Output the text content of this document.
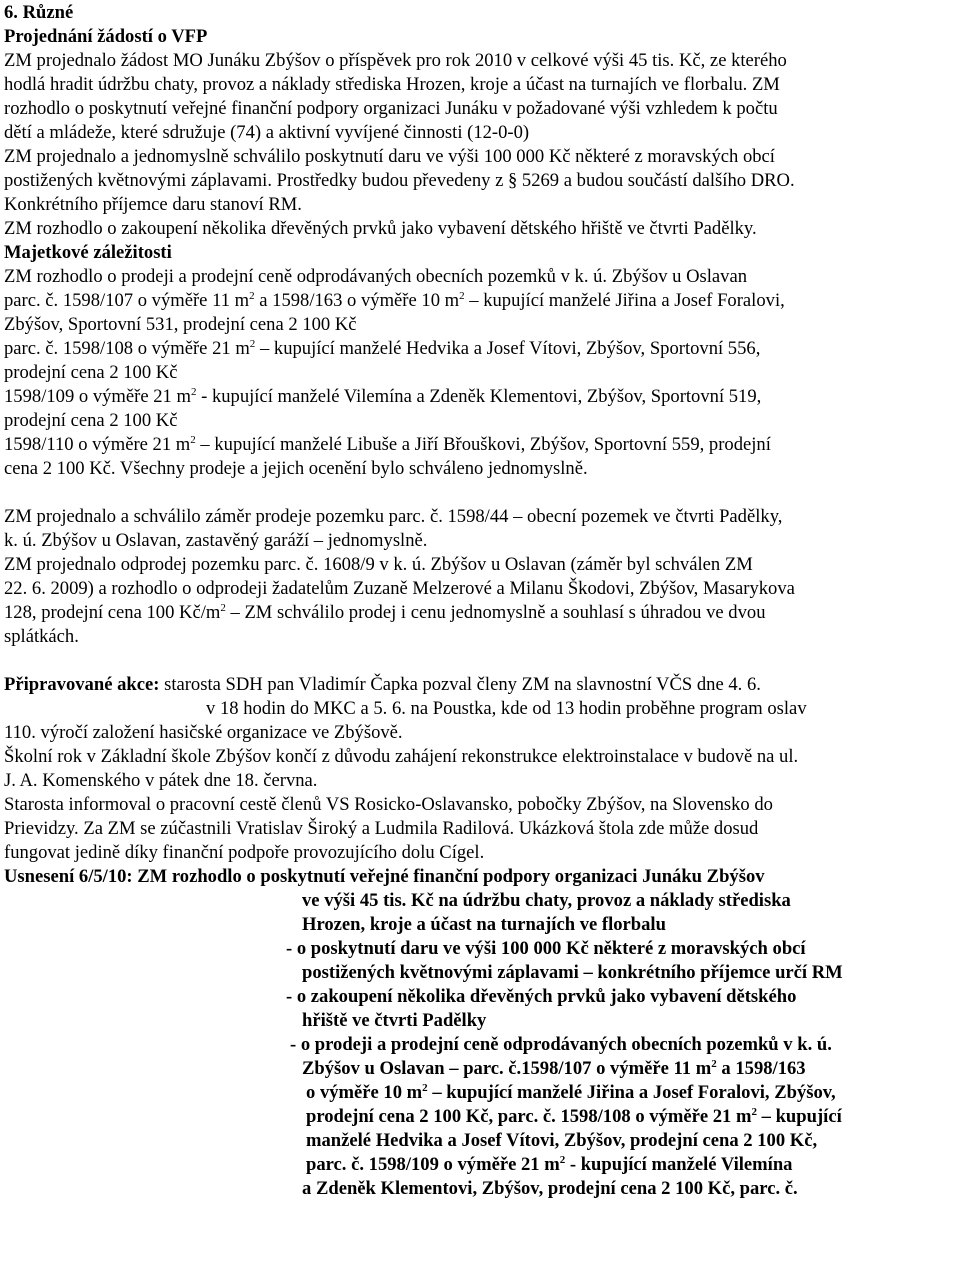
6. Různé
Projednání žádostí o VFP
ZM projednalo žádost MO Junáku Zbýšov o příspěvek pro rok 2010 v celkové výši 45 tis. Kč, ze kterého
hodlá hradit údržbu chaty, provoz a náklady střediska Hrozen, kroje a účast na turnajích ve florbalu. ZM
rozhodlo o poskytnutí veřejné finanční podpory organizaci Junáku v požadované výši vzhledem k počtu
dětí a mládeže, které sdružuje (74) a aktivní vyvíjené činnosti (12-0-0)
ZM projednalo a jednomyslně schválilo poskytnutí daru ve výši 100 000 Kč některé z moravských obcí
postižených květnovými záplavami. Prostředky budou převedeny z § 5269 a budou součástí dalšího DRO.
Konkrétního příjemce daru stanoví RM.
ZM rozhodlo o zakoupení několika dřevěných prvků jako vybavení dětského hřiště ve čtvrti Padělky.
Majetkové záležitosti
ZM rozhodlo o prodeji a prodejní ceně odprodávaných obecních pozemků v k. ú. Zbýšov u Oslavan
parc. č. 1598/107 o výměře 11 $m^2$ a 1598/163 o výměře 10 $m^2$ – kupující manželé Jiřina a Josef Foralovi,
Zbýšov, Sportovní 531, prodejní cena 2 100 Kč
parc. č. 1598/108 o výměře 21 $m^2$ – kupující manželé Hedvika a Josef Vítovi, Zbýšov, Sportovní 556,
prodejní cena 2 100 Kč
1598/109 o výměře 21 $m^2$ - kupující manželé Vilemína a Zdeněk Klementovi, Zbýšov, Sportovní 519,
prodejní cena 2 100 Kč
1598/110 o výměre 21 $m^2$ – kupující manželé Libuše a Jiří Břouškovi, Zbýšov, Sportovní 559, prodejní
cena 2 100 Kč. Všechny prodeje a jejich ocenění bylo schváleno jednomyslně.
ZM projednalo a schválilo záměr prodeje pozemku parc. č. 1598/44 – obecní pozemek ve čtvrti Padělky,
k. ú. Zbýšov u Oslavan, zastavěný garáží – jednomyslně.
ZM projednalo odprodej pozemku parc. č. 1608/9 v k. ú. Zbýšov u Oslavan (záměr byl schválen ZM
22. 6. 2009) a rozhodlo o odprodeji žadatelům Zuzaně Melzerové a Milanu Škodovi, Zbýšov, Masarykova
128, prodejní cena 100 $Kč/m^2$ – ZM schválilo prodej i cenu jednomyslně a souhlasí s úhradou ve dvou
splátkách.
Připravované akce: starosta SDH pan Vladimír Čapka pozval členy ZM na slavnostní VČS dne 4. 6.
v 18 hodin do MKC a 5. 6. na Poustka, kde od 13 hodin proběhne program oslav
110. výročí založení hasičské organizace ve Zbýšově.
Školní rok v Základní škole Zbýšov končí z důvodu zahájení rekonstrukce elektroinstalace v budově na ul.
J. A. Komenského v pátek dne 18. června.
Starosta informoval o pracovní cestě členů VS Rosicko-Oslavansko, pobočky Zbýšov, na Slovensko do
Prievidzy. Za ZM se zúčastnili Vratislav Široký a Ludmila Radilová. Ukázková štola zde může dosud
fungovat jedině díky finanční podpoře provozujícího dolu Cígel.
Usnesení 6/5/10: ZM rozhodlo o poskytnutí veřejné finanční podpory organizaci Junáku Zbýšov
ve výši 45 tis. Kč na údržbu chaty, provoz a náklady střediska
Hrozen, kroje a účast na turnajích ve florbalu
- o poskytnutí daru ve výši 100 000 Kč některé z moravských obcí
postižených květnovými záplavami – konkrétního příjemce určí RM
- o zakoupení několika dřevěných prvků jako vybavení dětského
hřiště ve čtvrti Padělky
- o prodeji a prodejní ceně odprodávaných obecních pozemků v k. ú.
Zbýšov u Oslavan – parc. č.1598/107 o výměře 11 $m^2$ a 1598/163
o výměře 10 $m^2$ – kupující manželé Jiřina a Josef Foralovi, Zbýšov,
prodejní cena 2 100 Kč, parc. č. 1598/108 o výměře 21 $m^2$ – kupující
manželé Hedvika a Josef Vítovi, Zbýšov, prodejní cena 2 100 Kč,
parc. č. 1598/109 o výměře 21 $m^2$ - kupující manželé Vilemína
a Zdeněk Klementovi, Zbýšov, prodejní cena 2 100 Kč, parc. č.
